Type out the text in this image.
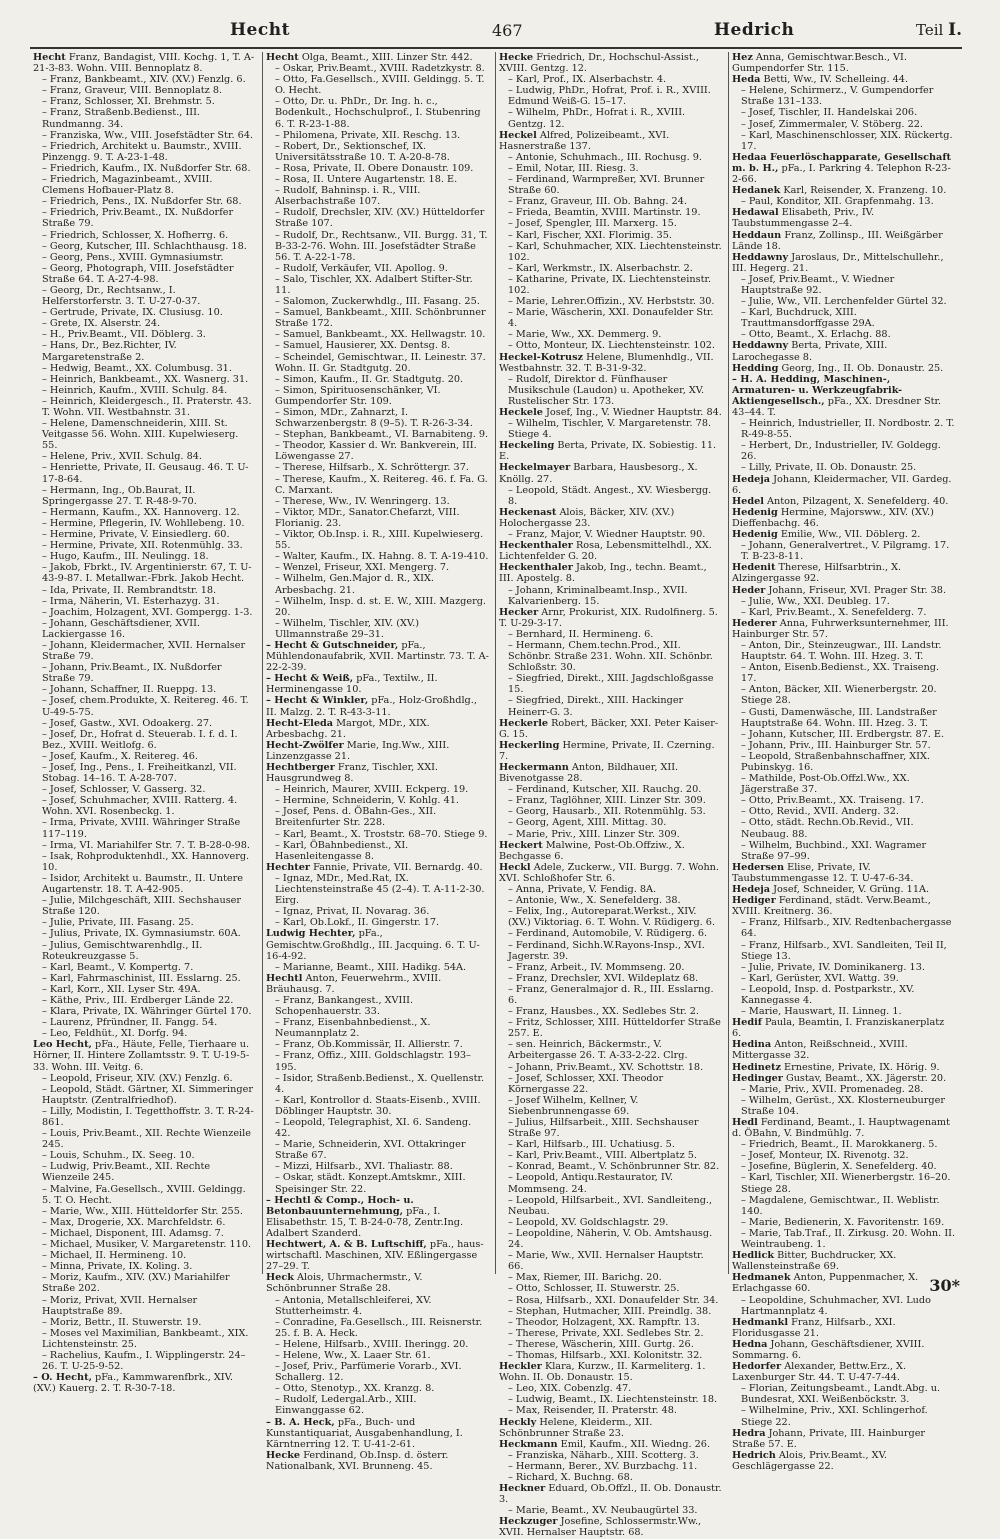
Hecht	467	Hedrich	Teil I.

Hecht Franz, Bandagist, VIII. Kochg. 1, T. A-21-3-83. Wohn. VIII. Bennoplatz 8.

– Franz, Bankbeamt., XIV. (XV.) Fenzlg. 6.

– Franz, Graveur, VIII. Bennoplatz 8.

– Franz, Schlosser, XI. Brehmstr. 5.

– Franz, Straßenb.Bedienst., III. Rundmanng. 34.

– Franziska, Ww., VIII. Josefstädter Str. 64.

– Friedrich, Architekt u. Baumstr., XVIII. Pinzengg. 9. T. A-23-1-48.

– Friedrich, Kaufm., IX. Nußdorfer Str. 68.

– Friedrich, Magazinbeamt., XVIII. Clemens Hofbauer-Platz 8.

– Friedrich, Pens., IX. Nußdorfer Str. 68.

– Friedrich, Priv.Beamt., IX. Nußdorfer Straße 79.

– Friedrich, Schlosser, X. Hofherrg. 6.

– Georg, Kutscher, III. Schlachthausg. 18.

– Georg, Pens., XVIII. Gymnasiumstr.

– Georg, Photograph, VIII. Josefstädter Straße 64. T. A-27-4-98.

– Georg, Dr., Rechtsanw., I. Helferstorferstr. 3. T. U-27-0-37.

– Gertrude, Private, IX. Clusiusg. 10.

– Grete, IX. Alserstr. 24.

– H., Priv.Beamt., VII. Döblerg. 3.

– Hans, Dr., Bez.Richter, IV. Margaretenstraße 2.

– Hedwig, Beamt., XX. Columbusg. 31.

– Heinrich, Bankbeamt., XX. Wasnerg. 31.

– Heinrich, Kaufm., XVIII. Schulg. 84.

– Heinrich, Kleidergesch., II. Praterstr. 43. T. Wohn. VII. Westbahnstr. 31.

– Helene, Damenschneiderin, XIII. St. Veitgasse 56. Wohn. XIII. Kupelwieserg. 55.

– Helene, Priv., XVII. Schulg. 84.

– Henriette, Private, II. Geusaug. 46. T. U-17-8-64.

– Hermann, Ing., Ob.Baurat, II. Springergasse 27. T. R-48-9-70.

– Hermann, Kaufm., XX. Hannoverg. 12.

– Hermine, Pflegerin, IV. Wohllebeng. 10.

– Hermine, Private, V. Einsiedlerg. 60.

– Hermine, Private, XII. Rotenmühlg. 33.

– Hugo, Kaufm., III. Neulingg. 18.

– Jakob, Fbrkt., IV. Argentinierstr. 67, T. U-43-9-87. I. Metallwar.-Fbrk. Jakob Hecht.

– Ida, Private, II. Rembrandtstr. 18.

– Irma, Näherin, VI. Esterhazyg. 31.

– Joachim, Holzagent, XVI. Gompergg. 1-3.

– Johann, Geschäftsdiener, XVII. Lackiergasse 16.

– Johann, Kleidermacher, XVII. Hernalser Straße 79.

– Johann, Priv.Beamt., IX. Nußdorfer Straße 79.

– Johann, Schaffner, II. Rueppg. 13.

– Josef, chem.Produkte, X. Reitereg. 46. T. U-49-5-75.

– Josef, Gastw., XVI. Odoakerg. 27.

– Josef, Dr., Hofrat d. Steuerab. I. f. d. I. Bez., XVIII. Weitlofg. 6.

– Josef, Kaufm., X. Reitereg. 46.

– Josef, Ing., Pens., I. Freiheitkanzl, VII. Stobag. 14–16. T. A-28-707.

– Josef, Schlosser, V. Gasserg. 32.

– Josef, Schuhmacher, XVIII. Ratterg. 4. Wohn. XVI. Rosenbeckg. 1.

– Irma, Private, XVIII. Währinger Straße 117–119.

– Irma, VI. Mariahilfer Str. 7. T. B-28-0-98.

– Isak, Rohproduktenhdl., XX. Hannoverg. 10.

– Isidor, Architekt u. Baumstr., II. Untere Augartenstr. 18. T. A-42-905.

– Julie, Milchgeschäft, XIII. Sechshauser Straße 120.

– Julie, Private, III. Fasang. 25.

– Julius, Private, IX. Gymnasiumstr. 60A.

– Julius, Gemischtwarenhdlg., II. Roteukreuzgasse 5.

– Karl, Beamt., V. Kompertg. 7.

– Karl, Fahrmaschinist, III. Esslarng. 25.

– Karl, Korr., XII. Lyser Str. 49A.

– Käthe, Priv., III. Erdberger Lände 22.

– Klara, Private, IX. Währinger Gürtel 170.

– Laurenz, Pfründner, II. Fangg. 54.

– Leo, Feldhüt., XI. Dorfg. 94.

Leo Hecht, pFa., Häute, Felle, Tierhaare u. Hörner, II. Hintere Zollamtsstr. 9. T. U-19-5-33. Wohn. III. Veitg. 6.

– Leopold, Friseur, XIV. (XV.) Fenzlg. 6.

– Leopold, Städt. Gärtner, XI. Simmeringer Hauptstr. (Zentralfriedhof).

– Lilly, Modistin, I. Tegetthoffstr. 3. T. R-24-861.

– Louis, Priv.Beamt., XII. Rechte Wienzeile 245.

– Louis, Schuhm., IX. Seeg. 10.

– Ludwig, Priv.Beamt., XII. Rechte Wienzeile 245.

– Malvine, Fa.Gesellsch., XVIII. Geldingg. 5. T. O. Hecht.

– Marie, Ww., XIII. Hütteldorfer Str. 255.

– Max, Drogerie, XX. Marchfeldstr. 6.

– Michael, Disponent, III. Adamsg. 7.

– Michael, Musiker, V. Margaretenstr. 110.

– Michael, II. Hermineng. 10.

– Minna, Private, IX. Koling. 3.

– Moriz, Kaufm., XIV. (XV.) Mariahilfer Straße 202.

– Moriz, Privat, XVII. Hernalser Hauptstraße 89.

– Moriz, Bettr., II. Stuwerstr. 19.

– Moses vel Maximilian, Bankbeamt., XIX. Lichtensteinstr. 25.

– Rachelius, Kaufm., I. Wipplingerstr. 24–26. T. U-25-9-52.

– O. Hecht, pFa., Kammwarenfbrk., XIV. (XV.) Kauerg. 2. T. R-30-7-18.

Hecht Olga, Beamt., XIII. Linzer Str. 442.

– Oskar, Priv.Beamt., XVIII. Radetzkystr. 8.

– Otto, Fa.Gesellsch., XVIII. Geldingg. 5. T. O. Hecht.

– Otto, Dr. u. PhDr., Dr. Ing. h. c., Bodenkult., Hochschulprof., I. Stubenring 6. T. R-23-1-88.

– Philomena, Private, XII. Reschg. 13.

– Robert, Dr., Sektionschef, IX. Universitätsstraße 10. T. A-20-8-78.

– Rosa, Private, II. Obere Donaustr. 109.

– Rosa, II. Untere Augartenstr. 18. E.

– Rudolf, Bahninsp. i. R., VIII. Alserbachstraße 107.

– Rudolf, Drechsler, XIV. (XV.) Hütteldorfer Straße 107.

– Rudolf, Dr., Rechtsanw., VII. Burgg. 31, T. B-33-2-76. Wohn. III. Josefstädter Straße 56. T. A-22-1-78.

– Rudolf, Verkäufer, VII. Apollog. 9.

– Salo, Tischler, XX. Adalbert Stifter-Str. 11.

– Salomon, Zuckerwhdlg., III. Fasang. 25.

– Samuel, Bankbeamt., XIII. Schönbrunner Straße 172.

– Samuel, Bankbeamt., XX. Hellwagstr. 10.

– Samuel, Hausierer, XX. Dentsg. 8.

– Scheindel, Gemischtwar., II. Leinestr. 37. Wohn. II. Gr. Stadtgutg. 20.

– Simon, Kaufm., II. Gr. Stadtgutg. 20.

– Simon, Spirituosenschänker, VI. Gumpendorfer Str. 109.

– Simon, MDr., Zahnarzt, I. Schwarzenbergstr. 8 (9–5). T. R-26-3-34.

– Stephan, Bankbeamt., VI. Barnabiteng. 9.

– Theodor, Kassier d. Wr. Bankverein, III. Löwengasse 27.

– Therese, Hilfsarb., X. Schröttergr. 37.

– Therese, Kaufm., X. Reitereg. 46. f. Fa. G. C. Marxant.

– Therese, Ww., IV. Wenringerg. 13.

– Viktor, MDr., Sanator.Chefarzt, VIII. Florianig. 23.

– Viktor, Ob.Insp. i. R., XIII. Kupelwieserg. 55.

– Walter, Kaufm., IX. Hahng. 8. T. A-19-410.

– Wenzel, Friseur, XXI. Mengerg. 7.

– Wilhelm, Gen.Major d. R., XIX. Arbesbachg. 21.

– Wilhelm, Insp. d. st. E. W., XIII. Mazgerg. 20.

– Wilhelm, Tischler, XIV. (XV.) Ullmannstraße 29–31.

– Hecht & Gutschneider, pFa., Mühlendonaufabrik, XVII. Martinstr. 73. T. A-22-2-39.

– Hecht & Weiß, pFa., Textilw., II. Herminengasse 10.

– Hecht & Winkler, pFa., Holz-Großhdlg., II. Malzg. 2. T. R-43-3-11.

Hecht-Eleda Margot, MDr., XIX. Arbesbachg. 21.

Hecht-Zwölfer Marie, Ing.Ww., XIII. Linzenzgasse 21.

Hechtberger Franz, Tischler, XXI. Hausgrundweg 8.

– Heinrich, Maurer, XVIII. Eckperg. 19.

– Hermine, Schneiderin, V. Kohlg. 41.

– Josef, Pens. d. ÖBahn-Ges., XII. Breitenfurter Str. 228.

– Karl, Beamt., X. Troststr. 68–70. Stiege 9.

– Karl, ÖBahnbedienst., XI. Hasenleitengasse 8.

Hechter Fannie, Private, VII. Bernardg. 40.

– Ignaz, MDr., Med.Rat, IX. Liechtensteinstraße 45 (2–4). T. A-11-2-30. Eirg.

– Ignaz, Privat, II. Novarag. 36.

– Karl, Ob.Lokf., II. Gingerstr. 17.

Ludwig Hechter, pFa., Gemischtw.Großhdlg., III. Jacquing. 6. T. U-16-4-92.

– Marianne, Beamt., XIII. Hadikg. 54A.

Hechtl Anton, Feuerwehrm., XVIII. Bräuhausg. 7.

– Franz, Bankangest., XVIII. Schopenhauerstr. 33.

– Franz, Eisenbahnbedienst., X. Neumannplatz 2.

– Franz, Ob.Kommissär, II. Allierstr. 7.

– Franz, Offiz., XIII. Goldschlagstr. 193–195.

– Isidor, Straßenb.Bedienst., X. Quellenstr. 4.

– Karl, Kontrollor d. Staats-Eisenb., XVIII. Döblinger Hauptstr. 30.

– Leopold, Telegraphist, XI. 6. Sandeng. 42.

– Marie, Schneiderin, XVI. Ottakringer Straße 67.

– Mizzi, Hilfsarb., XVI. Thaliastr. 88.

– Oskar, städt. Konzept.Amtskmr., XIII. Speisinger Str. 22.

– Hechtl & Comp., Hoch- u. Betonbauunternehmung, pFa., I. Elisabethstr. 15, T. B-24-0-78, Zentr.Ing. Adalbert Szanderd.

Hechtwert, A. & B. Luftschiff, pFa., haus- wirtschaftl. Maschinen, XIV. Eßlingergasse 27–29. T.

Heck Alois, Uhrmachermstr., V. Schönbrunner Straße 28.

– Antonia, Metallschleiferei, XV. Stutterheimstr. 4.

– Conradine, Fa.Gesellsch., III. Reisnerstr. 25. f. B. A. Heck.

– Helene, Hilfsarb., XVIII. Iheringg. 20.

– Helene, Ww., X. Laaer Str. 61.

– Josef, Priv., Parfümerie Vorarb., XVI. Schallerg. 12.

– Otto, Stenotyp., XX. Kranzg. 8.

– Rudolf, Ledergal.Arb., XIII. Einwanggasse 62.

– B. A. Heck, pFa., Buch- und Kunstantiquariat, Ausgabenhandlung, I. Kärntnerring 12. T. U-41-2-61.

Hecke Ferdinand, Ob.Insp. d. österr. Nationalbank, XVI. Brunneng. 45.

Hecke Friedrich, Dr., Hochschul-Assist., XVIII. Gentzg. 12.

– Karl, Prof., IX. Alserbachstr. 4.

– Ludwig, PhDr., Hofrat, Prof. i. R., XVIII. Edmund Weiß-G. 15–17.

– Wilhelm, PhDr., Hofrat i. R., XVIII. Gentzg. 12.

Heckel Alfred, Polizeibeamt., XVI. Hasnerstraße 137.

– Antonie, Schuhmach., III. Rochusg. 9.

– Emil, Notar, III. Riesg. 3.

– Ferdinand, Warmpreßer, XVI. Brunner Straße 60.

– Franz, Graveur, III. Ob. Bahng. 24.

– Frieda, Beamtin, XVIII. Martinstr. 19.

– Josef, Spengler, III. Marxerg. 15.

– Karl, Fischer, XXI. Florimig. 35.

– Karl, Schuhmacher, XIX. Liechtensteinstr. 102.

– Karl, Werkmstr., IX. Alserbachstr. 2.

– Katharine, Private, IX. Liechtensteinstr. 102.

– Marie, Lehrer.Offizin., XV. Herbststr. 30.

– Marie, Wäscherin, XXI. Donaufelder Str. 4.

– Marie, Ww., XX. Demmerg. 9.

– Otto, Monteur, IX. Liechtensteinstr. 102.

Heckel-Kotrusz Helene, Blumenhdlg., VII. Westbahnstr. 32. T. B-31-9-32.

– Rudolf, Direktor d. Fünfhauser Musikschule (Laudon) u. Apotheker, XV. Rustelischer Str. 173.

Heckele Josef, Ing., V. Wiedner Hauptstr. 84.

– Wilhelm, Tischler, V. Margaretenstr. 78. Stiege 4.

Heckeling Berta, Private, IX. Sobiestig. 11. E.

Heckelmayer Barbara, Hausbesorg., X. Knöllg. 27.

– Leopold, Städt. Angest., XV. Wiesbergg. 8.

Heckenast Alois, Bäcker, XIV. (XV.) Holochergasse 23.

– Franz, Major, V. Wiedner Hauptstr. 90.

Heckenthaler Rosa, Lebensmittelhdl., XX. Lichtenfelder G. 20.

Heckenthaler Jakob, Ing., techn. Beamt., III. Apostelg. 8.

– Johann, Kriminalbeamt.Insp., XVII. Kalvarienberg. 15.

Hecker Arnr, Prokurist, XIX. Rudolfinerg. 5. T. U-29-3-17.

– Bernhard, II. Hermineng. 6.

– Hermann, Chem.techn.Prod., XII. Schönbr. Straße 231. Wohn. XII. Schönbr. Schloßstr. 30.

– Siegfried, Direkt., XIII. Jagdschloßgasse 15.

– Siegfried, Direkt., XIII. Hackinger Heinerr-G. 3.

Heckerle Robert, Bäcker, XXI. Peter Kaiser-G. 15.

Heckerling Hermine, Private, II. Czerning. 7.

Heckermann Anton, Bildhauer, XII. Bivenotgasse 28.

– Ferdinand, Kutscher, XII. Rauchg. 20.

– Franz, Taglöhner, XIII. Linzer Str. 309.

– Georg, Hausarb., XII. Rotenmühlg. 53.

– Georg, Agent, XIII. Mittag. 30.

– Marie, Priv., XIII. Linzer Str. 309.

Heckert Malwine, Post-Ob.Offziw., X. Bechgasse 6.

Heckl Adele, Zuckerw., VII. Burgg. 7. Wohn. XVI. Schloßhofer Str. 6.

– Anna, Private, V. Fendig. 8A.

– Antonie, Ww., X. Senefelderg. 38.

– Felix, Ing., Autoreparat.Werkst., XIV. (XV.) Viktoriag. 6. T. Wohn. V. Rüdigerg. 6.

– Ferdinand, Automobile, V. Rüdigerg. 6.

– Ferdinand, Sichh.W.Rayons-Insp., XVI. Jagerstr. 39.

– Franz, Arbeit., IV. Mommseng. 20.

– Franz, Drechsler, XVI. Wildeplatz 68.

– Franz, Generalmajor d. R., III. Esslarng. 6.

– Franz, Hausbes., XX. Sedlebes Str. 2.

– Fritz, Schlosser, XIII. Hütteldorfer Straße 257. E.

– sen. Heinrich, Bäckermstr., V. Arbeitergasse 26. T. A-33-2-22. Clrg.

– Johann, Priv.Beamt., XV. Schottstr. 18.

– Josef, Schlosser, XXI. Theodor Körnergasse 22.

– Josef Wilhelm, Kellner, V. Siebenbrunnengasse 69.

– Julius, Hilfsarbeit., XIII. Sechshauser Straße 97.

– Karl, Hilfsarb., III. Uchatiusg. 5.

– Karl, Priv.Beamt., VIII. Albertplatz 5.

– Konrad, Beamt., V. Schönbrunner Str. 82.

– Leopold, Antiqu.Restaurator, IV. Mommseng. 24.

– Leopold, Hilfsarbeit., XVI. Sandleiteng., Neubau.

– Leopold, XV. Goldschlagstr. 29.

– Leopoldine, Näherin, V. Ob. Amtshausg. 24.

– Marie, Ww., XVII. Hernalser Hauptstr. 66.

– Max, Riemer, III. Barichg. 20.

– Otto, Schlosser, II. Stuwerstr. 25.

– Rosa, Hilfsarb., XXI. Donaufelder Str. 34.

– Stephan, Hutmacher, XIII. Preindlg. 38.

– Theodor, Holzagent, XX. Rampftr. 13.

– Therese, Private, XXI. Sedlebes Str. 2.

– Therese, Wäscherin, XIII. Gurtg. 26.

– Thomas, Hilfsarb., XXI. Kolonitstr. 32.

Heckler Klara, Kurzw., II. Karmeliterg. 1. Wohn. II. Ob. Donaustr. 15.

– Leo, XIX. Cobenzlg. 47.

– Ludwig, Beamt., IX. Liechtensteinstr. 18.

– Max, Reisender, II. Praterstr. 48.

Heckly Helene, Kleiderm., XII. Schönbrunner Straße 23.

Heckmann Emil, Kaufm., XII. Wiedng. 26.

– Franziska, Näharb., XIII. Scotterg. 3.

– Hermann, Berer., XV. Burzbachg. 11.

– Richard, X. Buchng. 68.

Heckner Eduard, Ob.Offzl., II. Ob. Donaustr. 3.

– Marie, Beamt., XV. Neubaugürtel 33.

Heckzuger Josefine, Schlossermstr.Ww., XVII. Hernalser Hauptstr. 68.

Hez Anna, Gemischtwar.Besch., VI. Gumpendorfer Str. 115.

Heda Betti, Ww., IV. Schelleing. 44.

– Helene, Schirmerz., V. Gumpendorfer Straße 131–133.

– Josef, Tischler, II. Handelskai 206.

– Josef, Zimmermaler, V. Stöberg. 22.

– Karl, Maschinenschlosser, XIX. Rückertg. 17.

Hedaa Feuerlöschapparate, Gesellschaft m. b. H., pFa., I. Parkring 4. Telephon R-23-2-66.

Hedanek Karl, Reisender, X. Franzeng. 10.

– Paul, Konditor, XII. Grapfenmahg. 13.

Hedawal Elisabeth, Priv., IV. Taubstummengasse 2–4.

Heddaun Franz, Zollinsp., III. Weißgärber Lände 18.

Heddawny Jaroslaus, Dr., Mittelschullehr., III. Hegerg. 21.

– Josef, Priv.Beamt., V. Wiedner Hauptstraße 92.

– Julie, Ww., VII. Lerchenfelder Gürtel 32.

– Karl, Buchdruck, XIII. Trauttmansdorffgasse 29A.

– Otto, Beamt., X. Erlachg. 88.

Heddawny Berta, Private, XIII. Larochegasse 8.

Hedding Georg, Ing., II. Ob. Donaustr. 25.

– H. A. Hedding, Maschinen-, Armaturen- u. Werkzeugfabrik-Aktiengesellsch., pFa., XX. Dresdner Str. 43–44. T.

– Heinrich, Industrieller, II. Nordbostr. 2. T. R-49-8-55.

– Herbert, Dr., Industrieller, IV. Goldegg. 26.

– Lilly, Private, II. Ob. Donaustr. 25.

Hedeja Johann, Kleidermacher, VII. Gardeg. 6.

Hedel Anton, Pilzagent, X. Senefelderg. 40.

Hedenig Hermine, Majorsww., XIV. (XV.) Dieffenbachg. 46.

Hedenig Emilie, Ww., VII. Döblerg. 2.

– Johann, Generalvertret., V. Pilgramg. 17. T. B-23-8-11.

Hedenit Therese, Hilfsarbtrin., X. Alzingergasse 92.

Heder Johann, Friseur, XVI. Prager Str. 38.

– Julie, Ww., XXI. Deubleg. 17.

– Karl, Priv.Beamt., X. Senefelderg. 7.

Hederer Anna, Fuhrwerksunternehmer, III. Hainburger Str. 57.

– Anton, Dir., Steinzeugwar., III. Landstr. Hauptstr. 64. T. Wohn. III. Hzeg. 3. T.

– Anton, Eisenb.Bedienst., XX. Traiseng. 17.

– Anton, Bäcker, XII. Wienerbergstr. 20. Stiege 28.

– Gusti, Damenwäsche, III. Landstraßer Hauptstraße 64. Wohn. III. Hzeg. 3. T.

– Johann, Kutscher, III. Erdbergstr. 87. E.

– Johann, Priv., III. Hainburger Str. 57.

– Leopold, Straßenbahnschaffner, XIX. Pubinskyg. 16.

– Mathilde, Post-Ob.Offzl.Ww., XX. Jägerstraße 37.

– Otto, Priv.Beamt., XX. Traiseng. 17.

– Otto, Revid., XVII. Anderg. 32.

– Otto, städt. Rechn.Ob.Revid., VII. Neubaug. 88.

– Wilhelm, Buchbind., XXI. Wagramer Straße 97–99.

Hedersen Elise, Private, IV. Taubstummengasse 12. T. U-47-6-34.

Hedeja Josef, Schneider, V. Grüng. 11A.

Hediger Ferdinand, städt. Verw.Beamt., XVIII. Kreitnerg. 36.

– Franz, Hilfsarb., XIV. Redtenbachergasse 64.

– Franz, Hilfsarb., XVI. Sandleiten, Teil II, Stiege 13.

– Julie, Private, IV. Dominikanerg. 13.

– Karl, Gerüster, XVI. Wattg. 39.

– Leopold, Insp. d. Postparkstr., XV. Kannegasse 4.

– Marie, Hauswart, II. Linneg. 1.

Hedif Paula, Beamtin, I. Franziskanerplatz 6.

Hedina Anton, Reißschneid., XVIII. Mittergasse 32.

Hedinetz Ernestine, Private, IX. Hörig. 9.

Hedinger Gustav, Beamt., XX. Jägerstr. 20.

– Marie, Priv., XVII. Promenadeg. 28.

– Wilhelm, Gerüst., XX. Klosterneuburger Straße 104.

Hedl Ferdinand, Beamt., I. Hauptwagenamt d. ÖBahn, V. Bindmühlg. 7.

– Friedrich, Beamt., II. Marokkanerg. 5.

– Josef, Monteur, IX. Rivenotg. 32.

– Josefine, Büglerin, X. Senefelderg. 40.

– Karl, Tischler, XII. Wienerbergstr. 16–20. Stiege 28.

– Magdalene, Gemischtwar., II. Weblistr. 140.

– Marie, Bedienerin, X. Favoritenstr. 169.

– Marie, Tab.Traf., II. Zirkusg. 20. Wohn. II. Weintraubeng. 1.

Hedlick Bitter, Buchdrucker, XX. Wallensteinstraße 69.

Hedmanek Anton, Puppenmacher, X. Erlachgasse 60.

– Leopoldine, Schuhmacher, XVI. Ludo Hartmannplatz 4.

Hedmankl Franz, Hilfsarb., XXI. Floridusgasse 21.

Hedna Johann, Geschäftsdiener, XVIII. Sommarng. 6.

Hedorfer Alexander, Bettw.Erz., X. Laxenburger Str. 44. T. U-47-7-44.

– Florian, Zeitungsbeamt., Landt.Abg. u. Bundesrat, XXI. Weißenböckstr. 3.

– Wilhelmine, Priv., XXI. Schlingerhof. Stiege 22.

Hedra Johann, Private, III. Hainburger Straße 57. E.

Hedrich Alois, Priv.Beamt., XV. Geschlägergasse 22.

30*
